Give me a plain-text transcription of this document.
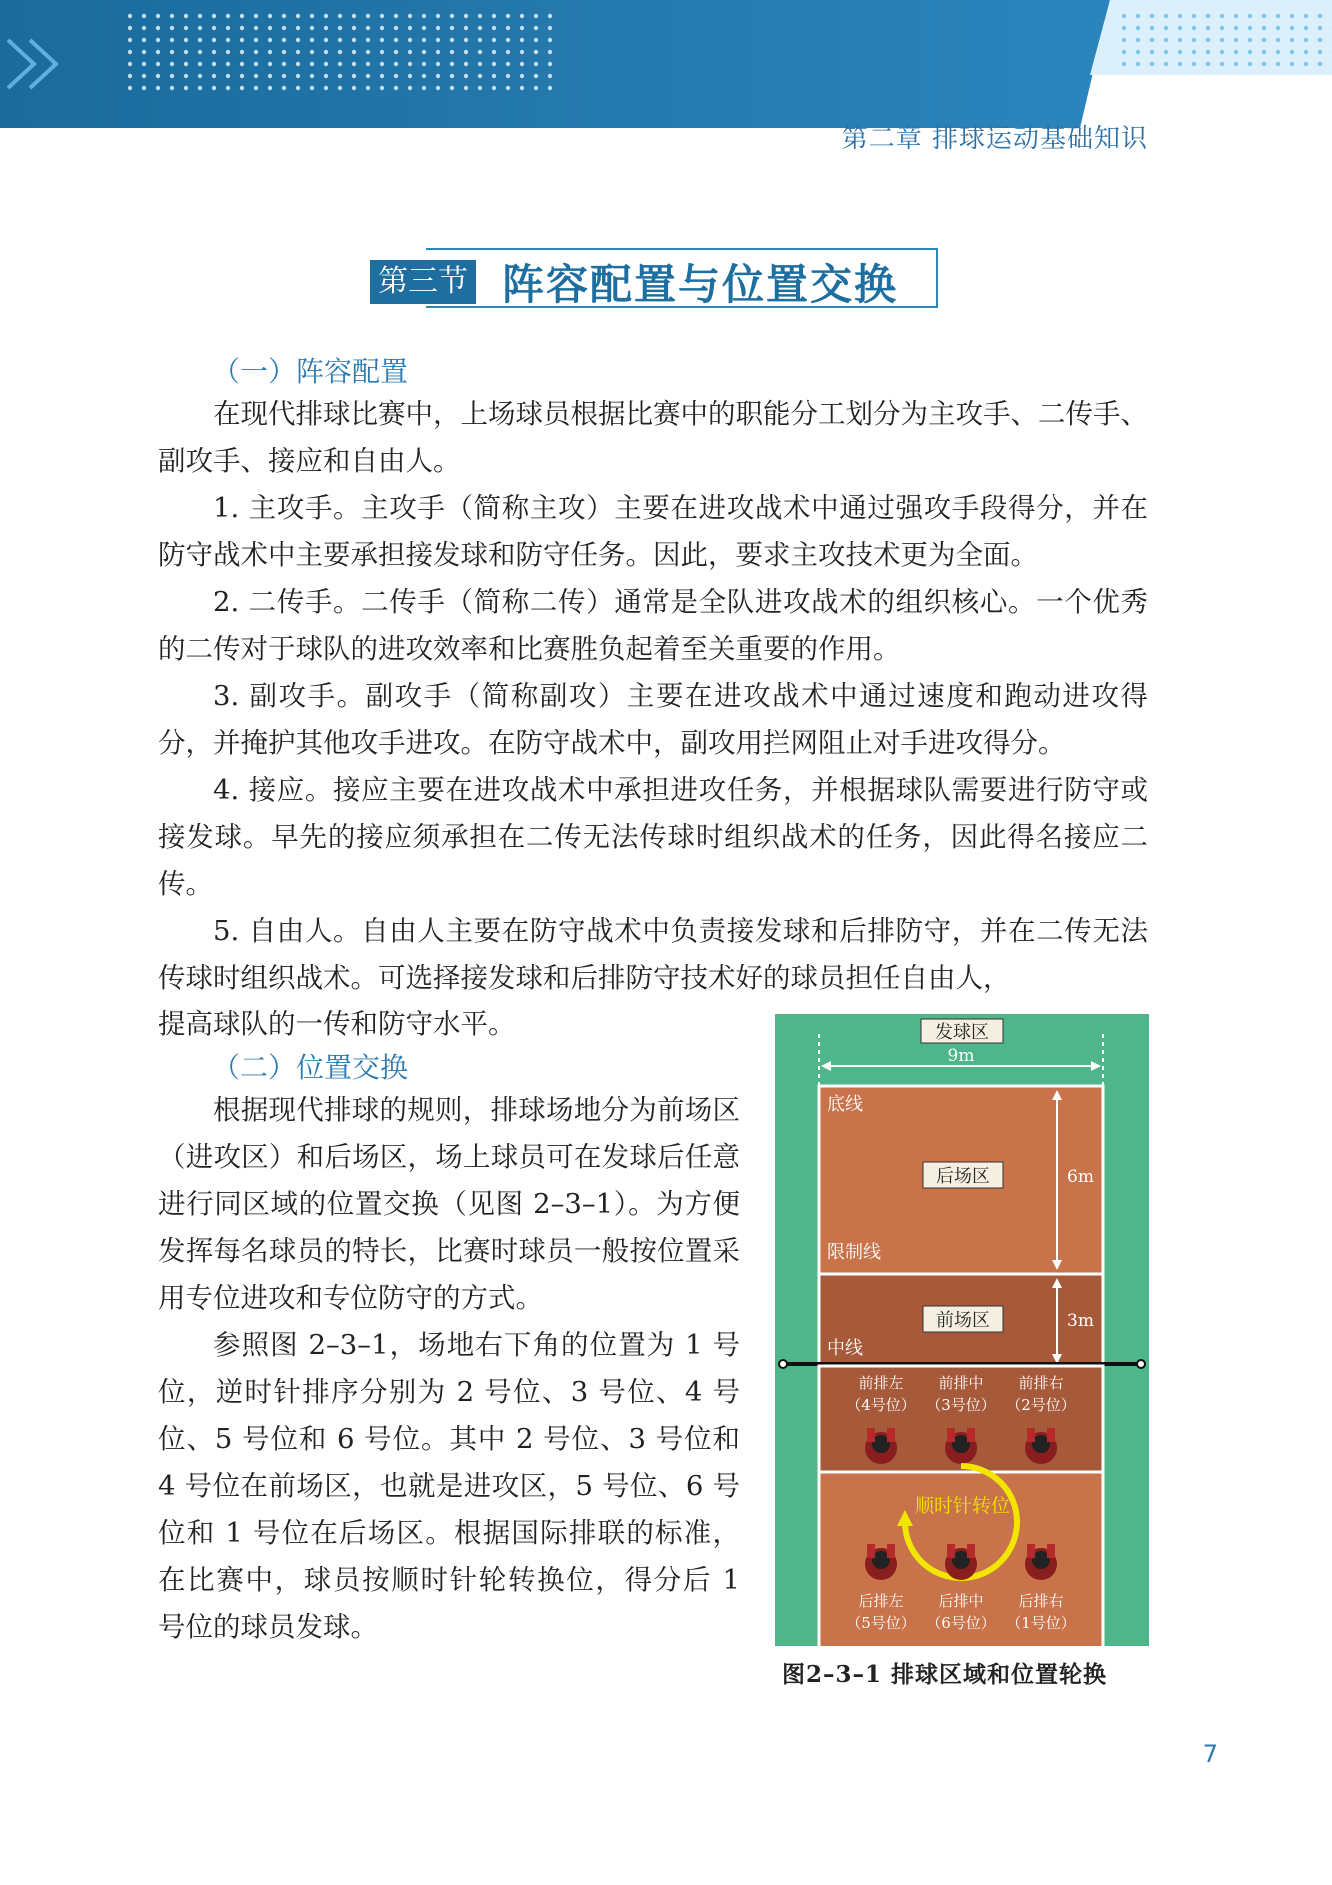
第二章 排球运动基础知识
第三节 阵容配置与位置交换
（一）阵容配置

在现代排球比赛中，上场球员根据比赛中的职能分工划分为主攻手、二传手、副攻手、接应和自由人。

1. 主攻手。主攻手（简称主攻）主要在进攻战术中通过强攻手段得分，并在防守战术中主要承担接发球和防守任务。因此，要求主攻技术更为全面。

2. 二传手。二传手（简称二传）通常是全队进攻战术的组织核心。一个优秀的二传对于球队的进攻效率和比赛胜负起着至关重要的作用。

3. 副攻手。副攻手（简称副攻）主要在进攻战术中通过速度和跑动进攻得分，并掩护其他攻手进攻。在防守战术中，副攻用拦网阻止对手进攻得分。

4. 接应。接应主要在进攻战术中承担进攻任务，并根据球队需要进行防守或接发球。早先的接应须承担在二传无法传球时组织战术的任务，因此得名接应二传。

5. 自由人。自由人主要在防守战术中负责接发球和后排防守，并在二传无法传球时组织战术。可选择接发球和后排防守技术好的球员担任自由人，

提高球队的一传和防守水平。

（二）位置交换

根据现代排球的规则，排球场地分为前场区（进攻区）和后场区，场上球员可在发球后任意进行同区域的位置交换（见图 2–3–1）。为方便发挥每名球员的特长，比赛时球员一般按位置采用专位进攻和专位防守的方式。

参照图 2–3–1，场地右下角的位置为 1 号位，逆时针排序分别为 2 号位、3 号位、4 号位、5 号位和 6 号位。其中 2 号位、3 号位和 4 号位在前场区，也就是进攻区，5 号位、6 号位和 1 号位在后场区。根据国际排联的标准，在比赛中，球员按顺时针轮转换位，得分后 1 号位的球员发球。

发球区
9m
底线
后场区	6m
限制线
前场区	3m
中线
前排左
（4号位）
前排中
（3号位）
前排右
（2号位）
顺时针转位
后排左
（5号位）
后排中
（6号位）
后排右
（1号位）
图2–3–1 排球区域和位置轮换
7
